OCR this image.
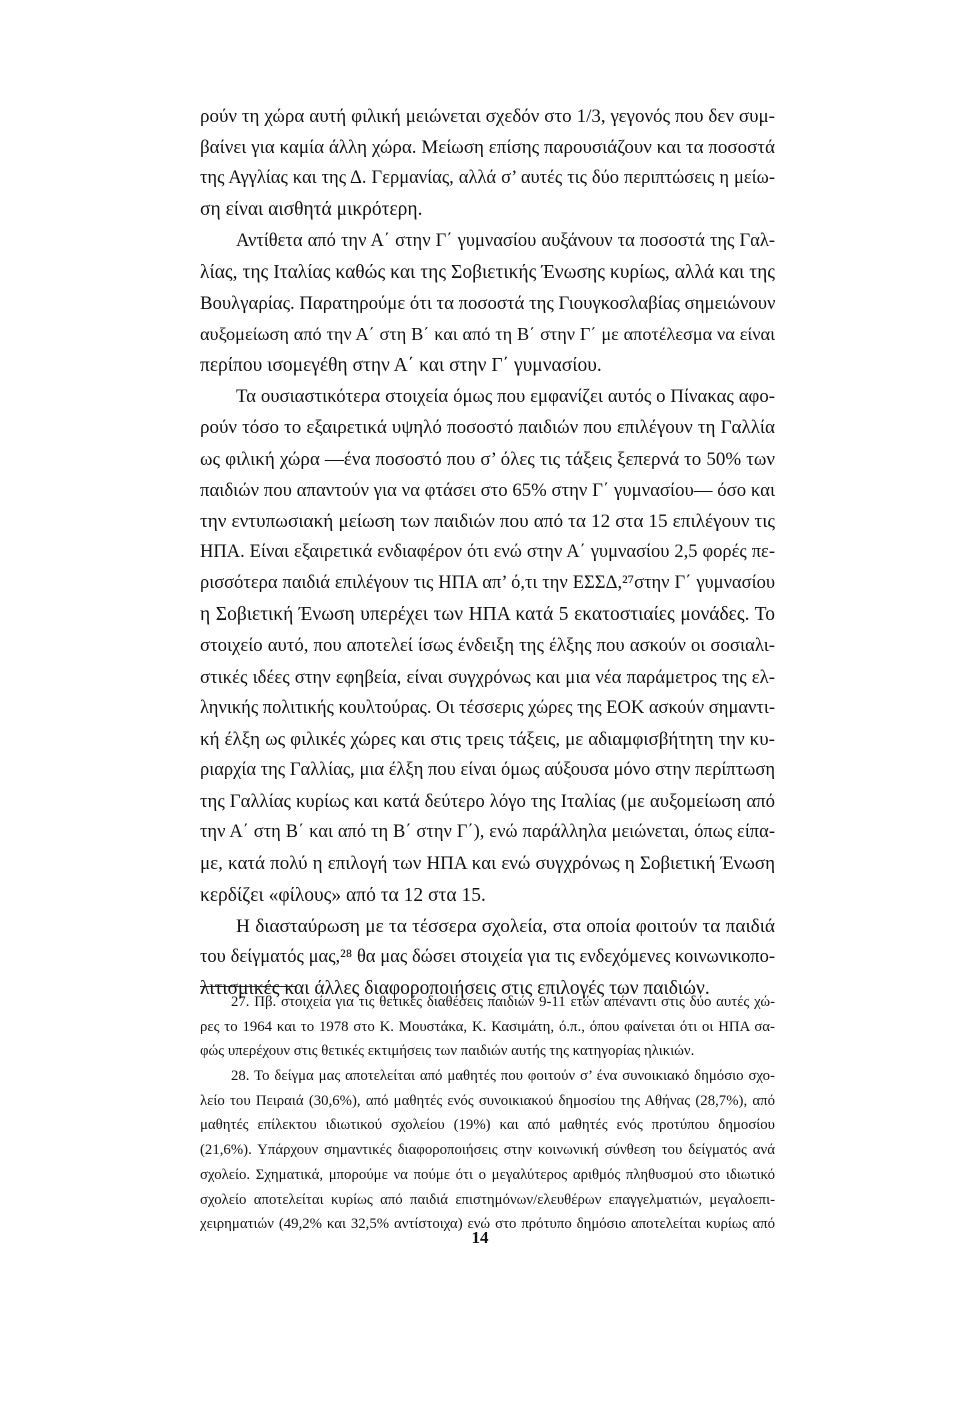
ρούν τη χώρα αυτή φιλική μειώνεται σχεδόν στο 1/3, γεγονός που δεν συμ-
βαίνει για καμία άλλη χώρα. Μείωση επίσης παρουσιάζουν και τα ποσοστά
της Αγγλίας και της Δ. Γερμανίας, αλλά σ’ αυτές τις δύο περιπτώσεις η μείω-
ση είναι αισθητά μικρότερη.
Αντίθετα από την Α΄ στην Γ΄ γυμνασίου αυξάνουν τα ποσοστά της Γαλ-
λίας, της Ιταλίας καθώς και της Σοβιετικής Ένωσης κυρίως, αλλά και της
Βουλγαρίας. Παρατηρούμε ότι τα ποσοστά της Γιουγκοσλαβίας σημειώνουν
αυξομείωση από την Α΄ στη Β΄ και από τη Β΄ στην Γ΄ με αποτέλεσμα να είναι
περίπου ισομεγέθη στην Α΄ και στην Γ΄ γυμνασίου.
Τα ουσιαστικότερα στοιχεία όμως που εμφανίζει αυτός ο Πίνακας αφο-
ρούν τόσο το εξαιρετικά υψηλό ποσοστό παιδιών που επιλέγουν τη Γαλλία
ως φιλική χώρα —ένα ποσοστό που σ’ όλες τις τάξεις ξεπερνά το 50% των
παιδιών που απαντούν για να φτάσει στο 65% στην Γ΄ γυμνασίου— όσο και
την εντυπωσιακή μείωση των παιδιών που από τα 12 στα 15 επιλέγουν τις
ΗΠΑ. Είναι εξαιρετικά ενδιαφέρον ότι ενώ στην Α΄ γυμνασίου 2,5 φορές πε-
ρισσότερα παιδιά επιλέγουν τις ΗΠΑ απ’ ό,τι την ΕΣΣΔ,²⁷στην Γ΄ γυμνασίου
η Σοβιετική Ένωση υπερέχει των ΗΠΑ κατά 5 εκατοστιαίες μονάδες. Το
στοιχείο αυτό, που αποτελεί ίσως ένδειξη της έλξης που ασκούν οι σοσιαλι-
στικές ιδέες στην εφηβεία, είναι συγχρόνως και μια νέα παράμετρος της ελ-
ληνικής πολιτικής κουλτούρας. Οι τέσσερις χώρες της ΕΟΚ ασκούν σημαντι-
κή έλξη ως φιλικές χώρες και στις τρεις τάξεις, με αδιαμφισβήτητη την κυ-
ριαρχία της Γαλλίας, μια έλξη που είναι όμως αύξουσα μόνο στην περίπτωση
της Γαλλίας κυρίως και κατά δεύτερο λόγο της Ιταλίας (με αυξομείωση από
την Α΄ στη Β΄ και από τη Β΄ στην Γ΄), ενώ παράλληλα μειώνεται, όπως είπα-
με, κατά πολύ η επιλογή των ΗΠΑ και ενώ συγχρόνως η Σοβιετική Ένωση
κερδίζει «φίλους» από τα 12 στα 15.
Η διασταύρωση με τα τέσσερα σχολεία, στα οποία φοιτούν τα παιδιά
του δείγματός μας,²⁸ θα μας δώσει στοιχεία για τις ενδεχόμενες κοινωνικοπο-
λιτισμικές και άλλες διαφοροποιήσεις στις επιλογές των παιδιών.
27. Πβ. στοιχεία για τις θετικές διαθέσεις παιδιών 9-11 ετών απέναντι στις δύο αυτές χώ-
ρες το 1964 και το 1978 στο Κ. Μουστάκα, Κ. Κασιμάτη, ό.π., όπου φαίνεται ότι οι ΗΠΑ σα-
φώς υπερέχουν στις θετικές εκτιμήσεις των παιδιών αυτής της κατηγορίας ηλικιών.
28. Το δείγμα μας αποτελείται από μαθητές που φοιτούν σ’ ένα συνοικιακό δημόσιο σχο-
λείο του Πειραιά (30,6%), από μαθητές ενός συνοικιακού δημοσίου της Αθήνας (28,7%), από
μαθητές επίλεκτου ιδιωτικού σχολείου (19%) και από μαθητές ενός προτύπου δημοσίου
(21,6%). Υπάρχουν σημαντικές διαφοροποιήσεις στην κοινωνική σύνθεση του δείγματός ανά
σχολείο. Σχηματικά, μπορούμε να πούμε ότι ο μεγαλύτερος αριθμός πληθυσμού στο ιδιωτικό
σχολείο αποτελείται κυρίως από παιδιά επιστημόνων/ελευθέρων επαγγελματιών, μεγαλοεπι-
χειρηματιών (49,2% και 32,5% αντίστοιχα) ενώ στο πρότυπο δημόσιο αποτελείται κυρίως από
14
